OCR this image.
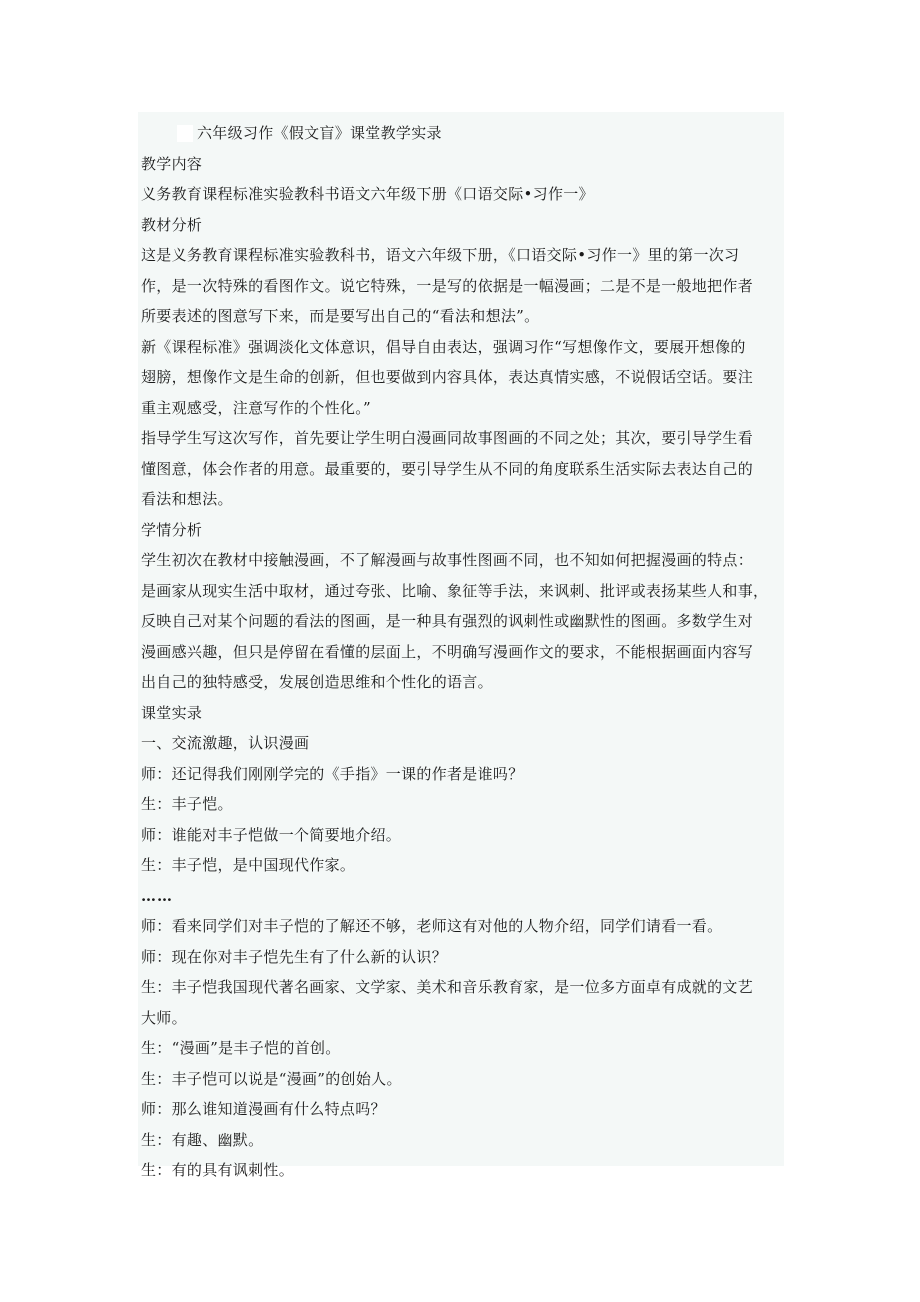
六年级习作《假文盲》课堂教学实录

教学内容

义务教育课程标准实验教科书语文六年级下册《口语交际•习作一》

教材分析

这是义务教育课程标准实验教科书，语文六年级下册，《口语交际•习作一》里的第一次习

作，是一次特殊的看图作文。说它特殊，一是写的依据是一幅漫画；二是不是一般地把作者

所要表述的图意写下来，而是要写出自己的“看法和想法”。

新《课程标准》强调淡化文体意识，倡导自由表达，强调习作“写想像作文，要展开想像的

翅膀，想像作文是生命的创新，但也要做到内容具体，表达真情实感，不说假话空话。要注

重主观感受，注意写作的个性化。”

指导学生写这次写作，首先要让学生明白漫画同故事图画的不同之处；其次，要引导学生看

懂图意，体会作者的用意。最重要的，要引导学生从不同的角度联系生活实际去表达自己的

看法和想法。

学情分析

学生初次在教材中接触漫画，不了解漫画与故事性图画不同，也不知如何把握漫画的特点：

是画家从现实生活中取材，通过夸张、比喻、象征等手法，来讽刺、批评或表扬某些人和事，

反映自己对某个问题的看法的图画，是一种具有强烈的讽刺性或幽默性的图画。多数学生对

漫画感兴趣，但只是停留在看懂的层面上，不明确写漫画作文的要求，不能根据画面内容写

出自己的独特感受，发展创造思维和个性化的语言。

课堂实录

一、交流激趣，认识漫画

师：还记得我们刚刚学完的《手指》一课的作者是谁吗？

生：丰子恺。

师：谁能对丰子恺做一个简要地介绍。

生：丰子恺，是中国现代作家。

……

师：看来同学们对丰子恺的了解还不够，老师这有对他的人物介绍，同学们请看一看。

师：现在你对丰子恺先生有了什么新的认识？

生：丰子恺我国现代著名画家、文学家、美术和音乐教育家，是一位多方面卓有成就的文艺

大师。

生：“漫画”是丰子恺的首创。

生：丰子恺可以说是“漫画”的创始人。

师：那么谁知道漫画有什么特点吗？

生：有趣、幽默。

生：有的具有讽刺性。
